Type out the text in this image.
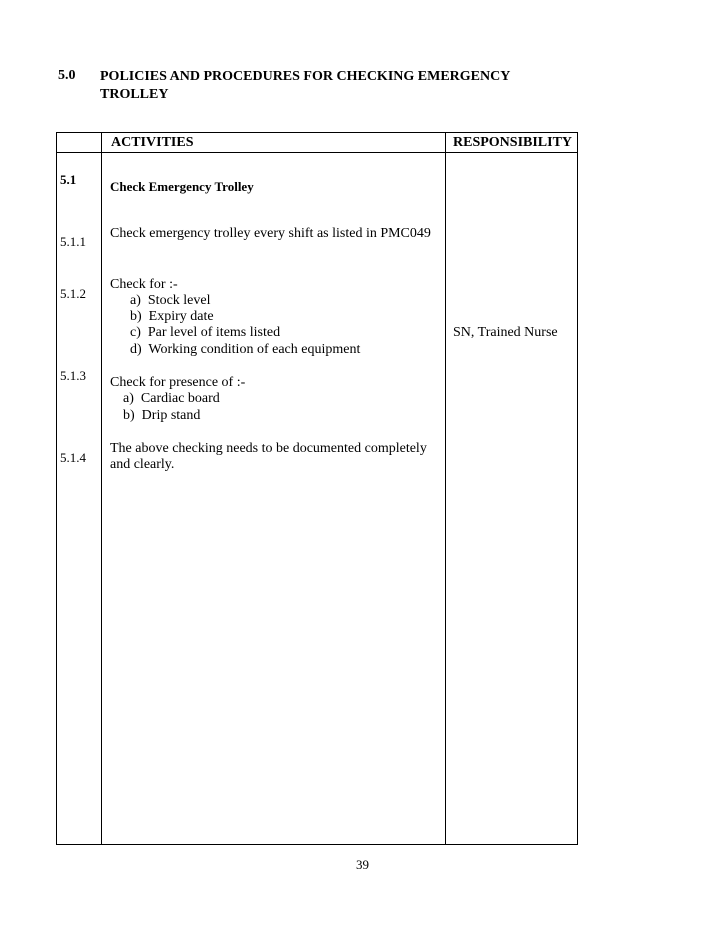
5.0 POLICIES AND PROCEDURES FOR CHECKING EMERGENCY TROLLEY
ACTIVITIES	RESPONSIBILITY
5.1	Check Emergency Trolley
5.1.1
Check emergency trolley every shift as listed in PMC049
5.1.2
Check for :-
a) Stock level
b) Expiry date
c) Par level of items listed
d) Working condition of each equipment
SN, Trained Nurse
5.1.3 Check for presence of :-
a) Cardiac board
b) Drip stand
5.1.4
The above checking needs to be documented completely
and clearly.
39
